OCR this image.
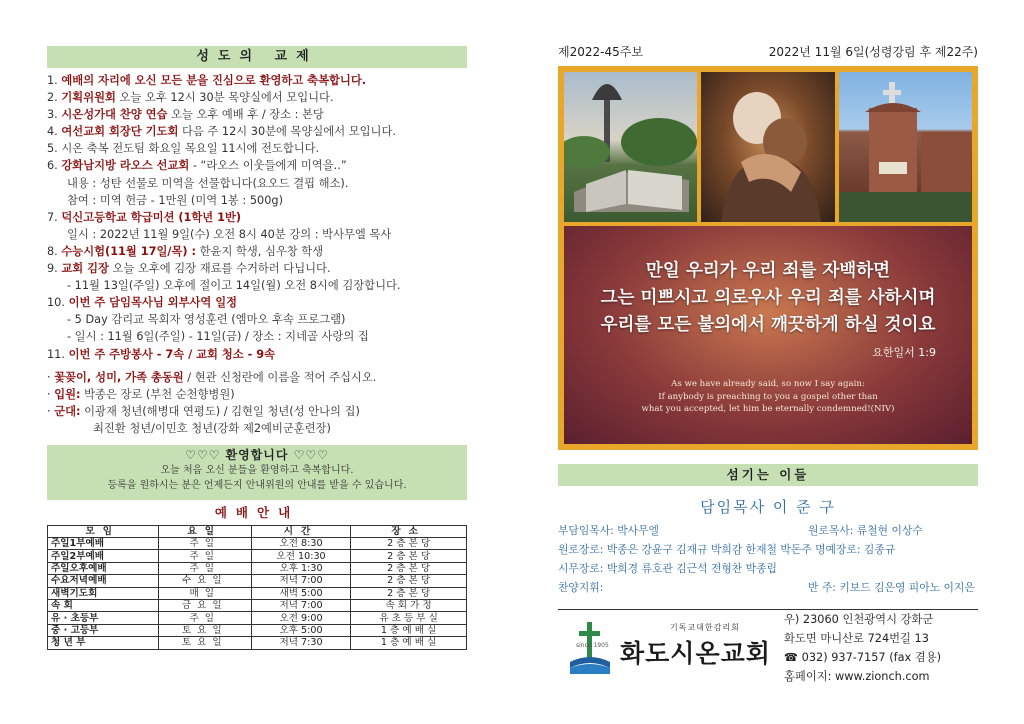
성도의 교제
1. 예배의 자리에 오신 모든 분을 진심으로 환영하고 축복합니다.
2. 기획위원회 오늘 오후 12시 30분 목양실에서 모입니다.
3. 시온성가대 찬양 연습 오늘 오후 예배 후 / 장소 : 본당
4. 여선교회 회장단 기도회 다음 주 12시 30분에 목양실에서 모입니다.
5. 시온 축복 전도팀 화요일 목요일 11시에 전도합니다.
6. 강화남지방 라오스 선교회 - “라오스 이웃들에게 미역을..”
내용 : 성탄 선물로 미역을 선물합니다(요오드 결핍 해소).
참여 : 미역 헌금 - 1만원 (미역 1봉 : 500g)
7. 덕신고등학교 학급미션 (1학년 1반)
일시 : 2022년 11월 9일(수) 오전 8시 40분 강의 : 박사무엘 목사
8. 수능시험(11월 17일/목) : 한윤지 학생, 심우창 학생
9. 교회 김장 오늘 오후에 김장 재료를 수거하러 다닙니다.
- 11월 13일(주일) 오후에 절이고 14일(월) 오전 8시에 김장합니다.
10. 이번 주 담임목사님 외부사역 일정
- 5 Day 감리교 목회자 영성훈련 (엠마오 후속 프로그램)
- 일시 : 11월 6일(주일) - 11일(금) / 장소 : 지네골 사랑의 집
11. 이번 주 주방봉사 - 7속 / 교회 청소 - 9속
· 꽃꽂이, 성미, 가족 총동원 / 현관 신청란에 이름을 적어 주십시오.
· 입원: 박종은 장로 (부천 순천향병원)
· 군대: 이광재 청년(해병대 연평도) / 김현일 청년(성 안나의 집)
최진환 청년/이민호 청년(강화 제2예비군훈련장)
♡♡♡ 환영합니다 ♡♡♡
오늘 처음 오신 분들을 환영하고 축복합니다.
등록을 원하시는 분은 언제든지 안내위원의 안내를 받을 수 있습니다.
예배안내
모임	요일	시간	장소
주일1부예배	주일	오전 8:30	2 층 본 당
주일2부예배	주일	오전 10:30	2 층 본 당
주일오후예배	주일	오후 1:30	2 층 본 당
수요저녁예배	수요일	저녁 7:00	2 층 본 당
새벽기도회	매일	새벽 5:00	2 층 본 당
속 회	금요일	저녁 7:00	속 회 가 정
유 · 초등부	주일	오전 9:00	유 초 등 부 실
중 · 고등부	토요일	오후 5:00	1 층 예 배 실
청 년 부	토요일	저녁 7:30	1 층 예 배 실
제2022-45주보	2022년 11월 6일(성령강림 후 제22주)
만일 우리가 우리 죄를 자백하면
그는 미쁘시고 의로우사 우리 죄를 사하시며
우리를 모든 불의에서 깨끗하게 하실 것이요
요한일서 1:9
As we have already said, so now I say again:
If anybody is preaching to you a gospel other than
what you accepted, let him be eternally condemned!(NIV)
섬기는 이들
담임목사 이 준 구
부담임목사: 박사무엘	원로목사: 류철현 이상수
원로장로: 박종은 강윤구 김재규 박희감 한재철 박돈주 명예장로: 김종규
시무장로: 박희경 류호관 김근석 전형찬 박종립
찬양지휘:	반 주: 키보드 김은영 피아노 이지은
since 1905
기독교대한감리회
화도시온교회
우) 23060 인천광역시 강화군
화도면 마니산로 724번길 13
☎ 032) 937-7157 (fax 겸용)
홈페이지: www.zionch.com
